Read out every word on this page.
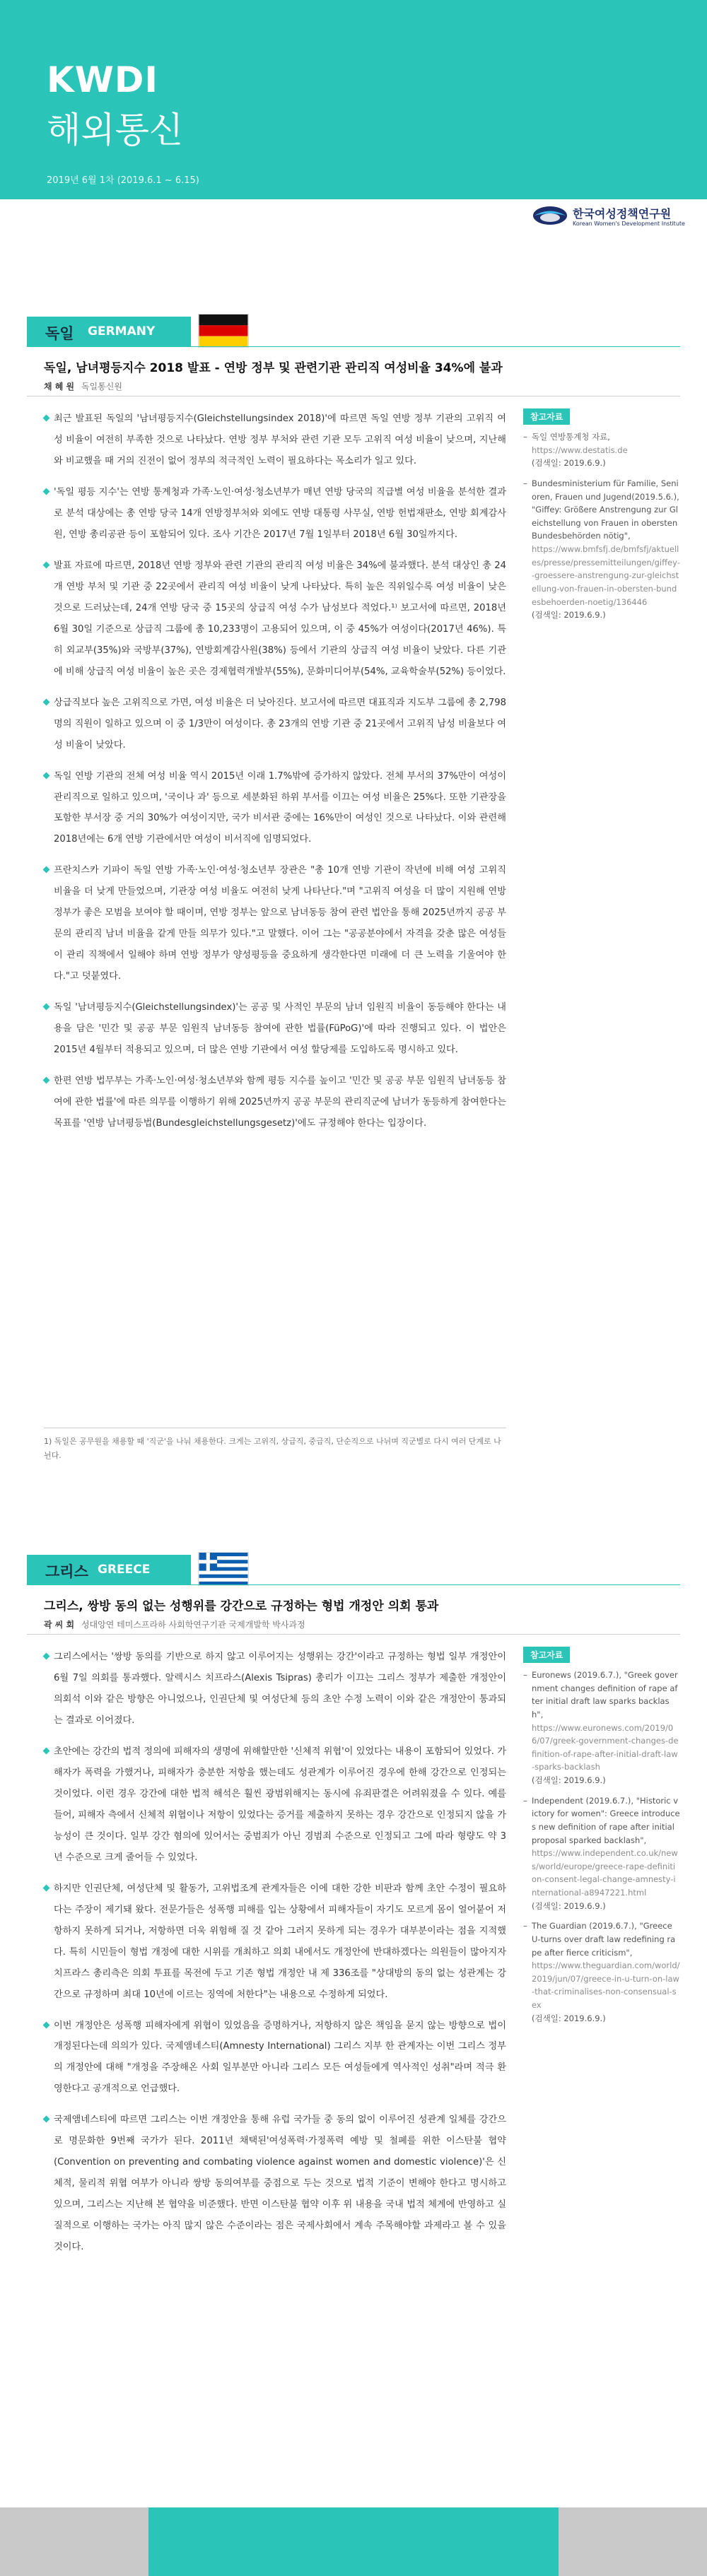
KWDI
해외통신
2019년 6월 1차 (2019.6.1 ~ 6.15)
한국여성정책연구원
Korean Women's Development Institute
독일 GERMANY
독일, 남녀평등지수 2018 발표 - 연방 정부 및 관련기관 관리직 여성비율 34%에 불과
채 혜 원 독일통신원

최근 발표된 독일의 '남녀평등지수(Gleichstellungsindex 2018)'에 따르면 독일 연방 정부 기관의 고위직 여성 비율이 여전히 부족한 것으로 나타났다. 연방 정부 부처와 관련 기관 모두 고위직 여성 비율이 낮으며, 지난해와 비교했을 때 거의 진전이 없어 정부의 적극적인 노력이 필요하다는 목소리가 일고 있다.

'독일 평등 지수'는 연방 통계청과 가족·노인·여성·청소년부가 매년 연방 당국의 직급별 여성 비율을 분석한 결과로 분석 대상에는 총 연방 당국 14개 연방정부처와 외에도 연방 대통령 사무실, 연방 헌법재판소, 연방 회계감사원, 연방 총리공관 등이 포함되어 있다. 조사 기간은 2017년 7월 1일부터 2018년 6월 30일까지다.

발표 자료에 따르면, 2018년 연방 정부와 관련 기관의 관리직 여성 비율은 34%에 불과했다. 분석 대상인 총 24개 연방 부처 및 기관 중 22곳에서 관리직 여성 비율이 낮게 나타났다. 특히 높은 직위일수록 여성 비율이 낮은 것으로 드러났는데, 24개 연방 당국 중 15곳의 상급직 여성 수가 남성보다 적었다.¹⁾ 보고서에 따르면, 2018년 6월 30일 기준으로 상급직 그룹에 총 10,233명이 고용되어 있으며, 이 중 45%가 여성이다(2017년 46%). 특히 외교부(35%)와 국방부(37%), 연방회계감사원(38%) 등에서 기관의 상급직 여성 비율이 낮았다. 다른 기관에 비해 상급직 여성 비율이 높은 곳은 경제협력개발부(55%), 문화미디어부(54%, 교육학술부(52%) 등이었다.

상급직보다 높은 고위직으로 가면, 여성 비율은 더 낮아진다. 보고서에 따르면 대표직과 지도부 그룹에 총 2,798명의 직원이 일하고 있으며 이 중 1/3만이 여성이다. 총 23개의 연방 기관 중 21곳에서 고위직 남성 비율보다 여성 비율이 낮았다.

독일 연방 기관의 전체 여성 비율 역시 2015년 이래 1.7%밖에 증가하지 않았다. 전체 부서의 37%만이 여성이 관리직으로 일하고 있으며, '국이나 과' 등으로 세분화된 하위 부서를 이끄는 여성 비율은 25%다. 또한 기관장을 포함한 부서장 중 거의 30%가 여성이지만, 국가 비서관 중에는 16%만이 여성인 것으로 나타났다. 이와 관련해 2018년에는 6개 연방 기관에서만 여성이 비서직에 임명되었다.

프란치스카 기파이 독일 연방 가족·노인·여성·청소년부 장관은 "총 10개 연방 기관이 작년에 비해 여성 고위직 비율을 더 낮게 만들었으며, 기관장 여성 비율도 여전히 낮게 나타난다."며 "고위직 여성을 더 많이 지원해 연방 정부가 좋은 모범을 보여야 할 때이며, 연방 정부는 앞으로 남녀동등 참여 관련 법안을 통해 2025년까지 공공 부문의 관리직 남녀 비율을 같게 만들 의무가 있다."고 말했다. 이어 그는 "공공분야에서 자격을 갖춘 많은 여성들이 관리 직책에서 일해야 하며 연방 정부가 양성평등을 중요하게 생각한다면 미래에 더 큰 노력을 기울여야 한다."고 덧붙였다.

독일 '남녀평등지수(Gleichstellungsindex)'는 공공 및 사적인 부문의 남녀 임원직 비율이 동등해야 한다는 내용을 담은 '민간 및 공공 부문 임원직 남녀동등 참여에 관한 법률(FüPoG)'에 따라 진행되고 있다. 이 법안은 2015년 4월부터 적용되고 있으며, 더 많은 연방 기관에서 여성 할당제를 도입하도록 명시하고 있다.

한편 연방 법무부는 가족·노인·여성·청소년부와 함께 평등 지수를 높이고 '민간 및 공공 부문 임원직 남녀동등 참여에 관한 법률'에 따른 의무를 이행하기 위해 2025년까지 공공 부문의 관리직군에 남녀가 동등하게 참여한다는 목표를 '연방 남녀평등법(Bundesgleichstellungsgesetz)'에도 규정해야 한다는 입장이다.

1) 독일은 공무원을 채용할 때 '직군'을 나눠 채용한다. 크게는 고위직, 상급직, 중급직, 단순직으로 나뉘며 직군별로 다시 여러 단계로 나뉜다.
참고자료
– 독일 연방통계청 자료,
https://www.destatis.de
(검색일: 2019.6.9.)
– Bundesministerium für Familie, Senioren, Frauen und Jugend(2019.5.6.), "Giffey: Größere Anstrengung zur Gleichstellung von Frauen in obersten Bundesbehörden nötig",
https://www.bmfsfj.de/bmfsfj/aktuelles/presse/pressemitteilungen/giffey--groessere-anstrengung-zur-gleichstellung-von-frauen-in-obersten-bundesbehoerden-noetig/136446
(검색일: 2019.6.9.)
그리스 GREECE
그리스, 쌍방 동의 없는 성행위를 강간으로 규정하는 형법 개정안 의회 통과
곽 씨 회 성대앙연 테미스프라하 사회학연구기관 국제개발학 박사과정

그리스에서는 '쌍방 동의를 기반으로 하지 않고 이루어지는 성행위는 강간'이라고 규정하는 형법 일부 개정안이 6월 7일 의회를 통과했다. 알렉시스 치프라스(Alexis Tsipras) 총리가 이끄는 그리스 정부가 제출한 개정안이 의회석 이와 같은 방향은 아니었으나, 인권단체 및 여성단체 등의 초안 수정 노력이 이와 같은 개정안이 통과되는 결과로 이어졌다.

초안에는 강간의 법적 정의에 피해자의 생명에 위해할만한 '신체적 위협'이 있었다는 내용이 포함되어 있었다. 가해자가 폭력을 가했거나, 피해자가 충분한 저항을 했는데도 성관계가 이루어진 경우에 한해 강간으로 인정되는 것이었다. 이런 경우 강간에 대한 법적 해석은 훨씬 광범위해지는 동시에 유죄판결은 어려워졌을 수 있다. 예를 들어, 피해자 측에서 신체적 위협이나 저항이 있었다는 증거를 제출하지 못하는 경우 강간으로 인정되지 않을 가능성이 큰 것이다. 일부 강간 혐의에 있어서는 중범죄가 아닌 경범죄 수준으로 인정되고 그에 따라 형량도 약 3년 수준으로 크게 줄어들 수 있었다.

하지만 인권단체, 여성단체 및 활동가, 고위법조계 관계자들은 이에 대한 강한 비판과 함께 초안 수정이 필요하다는 주장이 제기돼 왔다. 전문가들은 성폭행 피해를 입는 상황에서 피해자들이 자기도 모르게 몸이 얼어붙어 저항하지 못하게 되거나, 저항하면 더욱 위험해 질 것 같아 그러지 못하게 되는 경우가 대부분이라는 점을 지적했다. 특히 시민들이 형법 개정에 대한 시위를 개최하고 의회 내에서도 개정안에 반대하겠다는 의원들이 많아지자 치프라스 총리측은 의회 투표를 목전에 두고 기존 형법 개정안 내 제 336조를 "상대방의 동의 없는 성관계는 강간으로 규정하며 최대 10년에 이르는 징역에 처한다"는 내용으로 수정하게 되었다.

이번 개정안은 성폭행 피해자에게 위협이 있었음을 증명하거나, 저항하지 않은 책임을 묻지 않는 방향으로 법이 개정된다는데 의의가 있다. 국제앰네스티(Amnesty International) 그리스 지부 한 관계자는 이번 그리스 정부의 개정안에 대해 "개정을 주장해온 사회 일부분만 아니라 그리스 모든 여성들에게 역사적인 성취"라며 적극 환영한다고 공개적으로 언급했다.

국제앰네스티에 따르면 그리스는 이번 개정안을 통해 유럽 국가들 중 동의 없이 이루어진 성관계 일체를 강간으로 명문화한 9번째 국가가 된다. 2011년 채택된'여성폭력·가정폭력 예방 및 철폐를 위한 이스탄불 협약(Convention on preventing and combating violence against women and domestic violence)'은 신체적, 물리적 위협 여부가 아니라 쌍방 동의여부를 중점으로 두는 것으로 법적 기준이 변해야 한다고 명시하고 있으며, 그리스는 지난해 본 협약을 비준했다. 반면 이스탄불 협약 이후 위 내용을 국내 법적 체계에 반영하고 실질적으로 이행하는 국가는 아직 많지 않은 수준이라는 점은 국제사회에서 계속 주목해야할 과제라고 볼 수 있을 것이다.

참고자료
– Euronews (2019.6.7.), "Greek government changes definition of rape after initial draft law sparks backlash",
https://www.euronews.com/2019/06/07/greek-government-changes-definition-of-rape-after-initial-draft-law-sparks-backlash
(검색일: 2019.6.9.)
– Independent (2019.6.7.), "Historic victory for women": Greece introduces new definition of rape after initial proposal sparked backlash",
https://www.independent.co.uk/news/world/europe/greece-rape-definition-consent-legal-change-amnesty-international-a8947221.html
(검색일: 2019.6.9.)
– The Guardian (2019.6.7.), "Greece U-turns over draft law redefining rape after fierce criticism",
https://www.theguardian.com/world/2019/jun/07/greece-in-u-turn-on-law-that-criminalises-non-consensual-sex
(검색일: 2019.6.9.)
